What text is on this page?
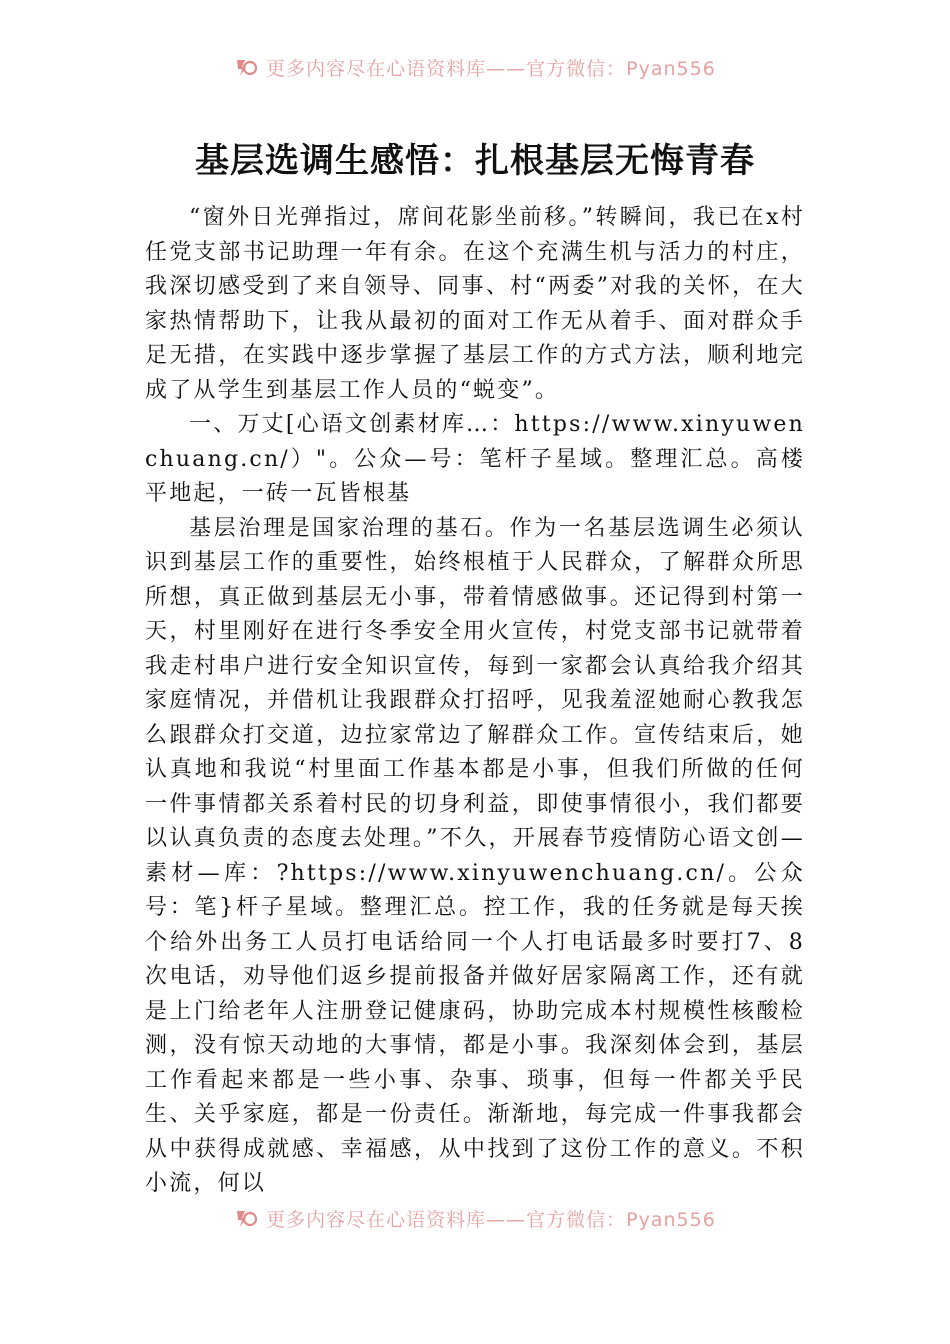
更多内容尽在心语资料库——官方微信：Pyan556
基层选调生感悟：扎根基层无悔青春

“窗外日光弹指过，席间花影坐前移。”转瞬间，我已在x村任党支部书记助理一年有余。在这个充满生机与活力的村庄，我深切感受到了来自领导、同事、村“两委”对我的关怀，在大家热情帮助下，让我从最初的面对工作无从着手、面对群众手足无措，在实践中逐步掌握了基层工作的方式方法，顺利地完成了从学生到基层工作人员的“蜕变”。

一、万丈[心语文创素材库…：https://www.xinyuwenchuang.cn/）"。公众—号：笔杆子星域。整理汇总。高楼平地起，一砖一瓦皆根基

基层治理是国家治理的基石。作为一名基层选调生必须认识到基层工作的重要性，始终根植于人民群众，了解群众所思所想，真正做到基层无小事，带着情感做事。还记得到村第一天，村里刚好在进行冬季安全用火宣传，村党支部书记就带着我走村串户进行安全知识宣传，每到一家都会认真给我介绍其家庭情况，并借机让我跟群众打招呼，见我羞涩她耐心教我怎么跟群众打交道，边拉家常边了解群众工作。宣传结束后，她认真地和我说“村里面工作基本都是小事，但我们所做的任何一件事情都关系着村民的切身利益，即使事情很小，我们都要以认真负责的态度去处理。”不久，开展春节疫情防心语文创—素材—库：?https://www.xinyuwenchuang.cn/。公众号：笔}杆子星域。整理汇总。控工作，我的任务就是每天挨个给外出务工人员打电话给同一个人打电话最多时要打7、8次电话，劝导他们返乡提前报备并做好居家隔离工作，还有就是上门给老年人注册登记健康码，协助完成本村规模性核酸检测，没有惊天动地的大事情，都是小事。我深刻体会到，基层工作看起来都是一些小事、杂事、琐事，但每一件都关乎民生、关乎家庭，都是一份责任。渐渐地，每完成一件事我都会从中获得成就感、幸福感，从中找到了这份工作的意义。不积小流，何以

更多内容尽在心语资料库——官方微信：Pyan556
